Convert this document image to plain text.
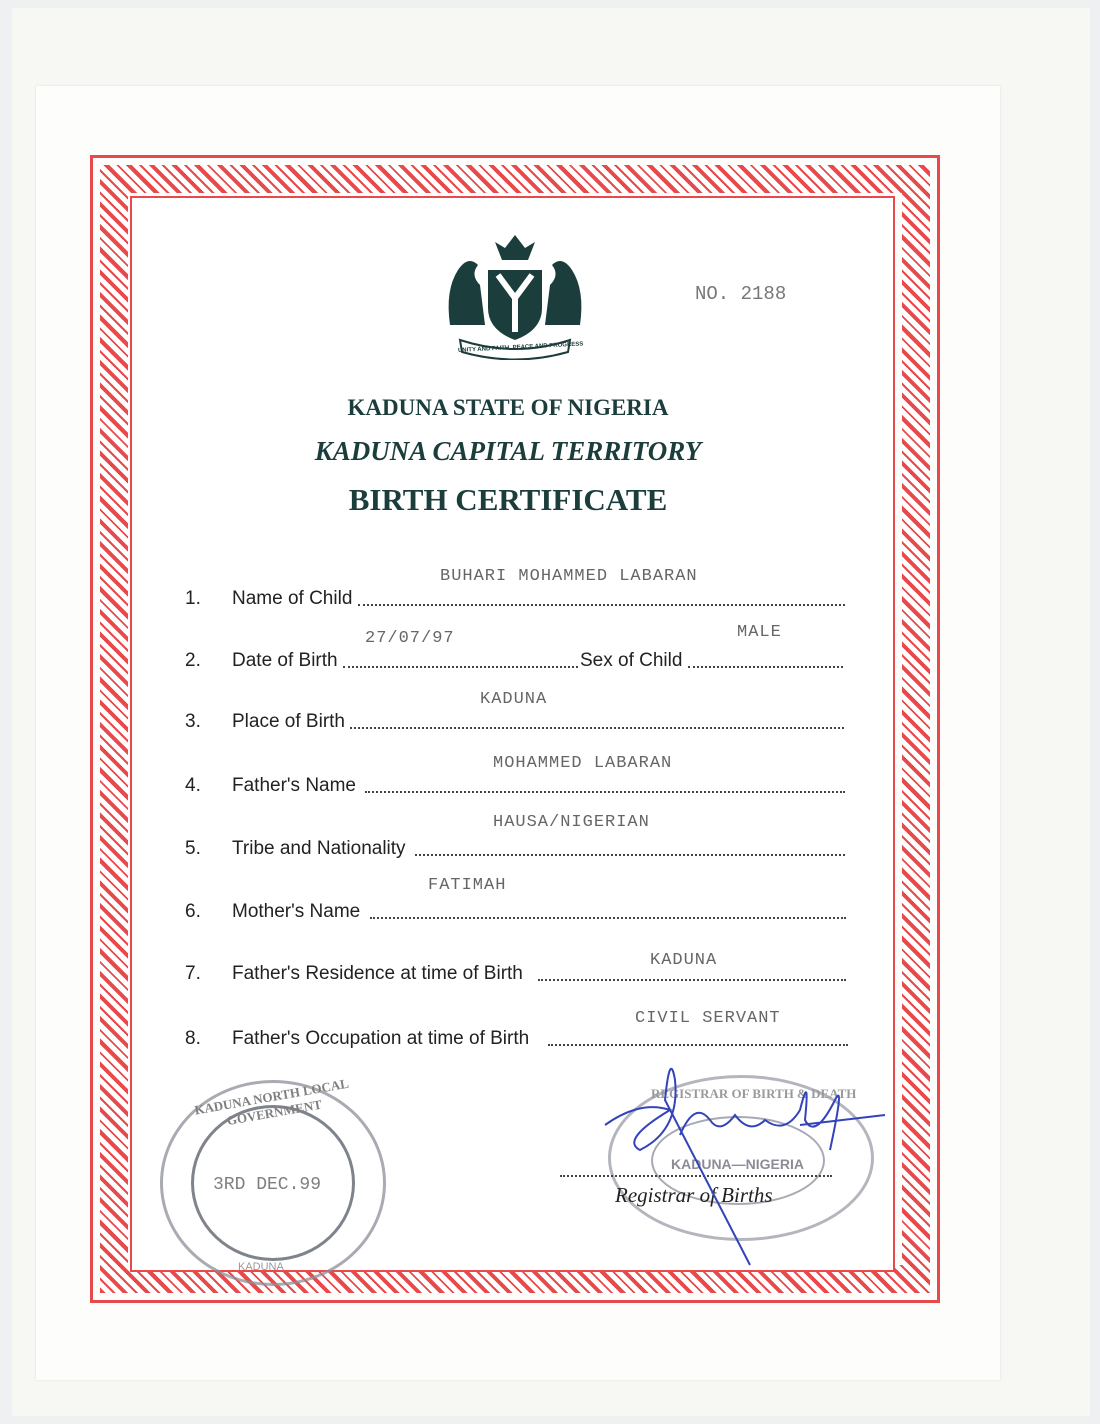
UNITY AND FAITH, PEACE AND PROGRESS
NO. 2188
KADUNA STATE OF NIGERIA
KADUNA CAPITAL TERRITORY
BIRTH CERTIFICATE
1. Name of Child
BUHARI MOHAMMED LABARAN
2. Date of Birth
27/07/97
Sex of Child
MALE
3. Place of Birth
KADUNA
4. Father's Name
MOHAMMED LABARAN
5. Tribe and Nationality
HAUSA/NIGERIAN
6. Mother's Name
FATIMAH
7. Father's Residence at time of Birth
KADUNA
8. Father's Occupation at time of Birth
CIVIL SERVANT
KADUNA NORTH LOCAL GOVERNMENT
3RD DEC.99
KADUNA
REGISTRAR OF BIRTH & DEATH
KADUNA—NIGERIA
Registrar of Births
